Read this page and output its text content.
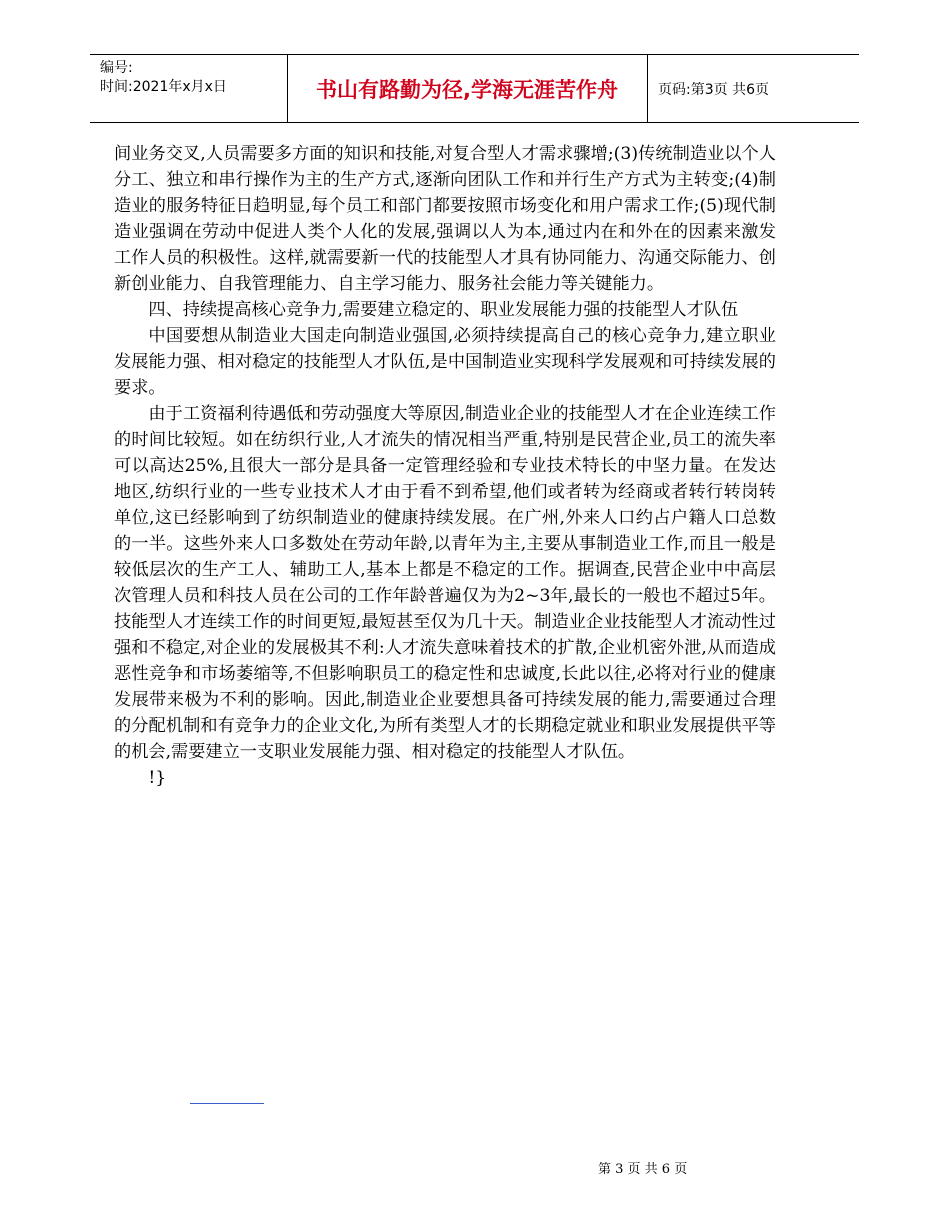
编号:
时间:2021年x月x日	书山有路勤为径,学海无涯苦作舟	页码:第3页 共6页

间业务交叉,人员需要多方面的知识和技能,对复合型人才需求骤增;(3)传统制造业以个人分工、独立和串行操作为主的生产方式,逐渐向团队工作和并行生产方式为主转变;(4)制造业的服务特征日趋明显,每个员工和部门都要按照市场变化和用户需求工作;(5)现代制造业强调在劳动中促进人类个人化的发展,强调以人为本,通过内在和外在的因素来激发工作人员的积极性。这样,就需要新一代的技能型人才具有协同能力、沟通交际能力、创新创业能力、自我管理能力、自主学习能力、服务社会能力等关键能力。

四、持续提高核心竞争力,需要建立稳定的、职业发展能力强的技能型人才队伍

中国要想从制造业大国走向制造业强国,必须持续提高自己的核心竞争力,建立职业发展能力强、相对稳定的技能型人才队伍,是中国制造业实现科学发展观和可持续发展的要求。

由于工资福利待遇低和劳动强度大等原因,制造业企业的技能型人才在企业连续工作的时间比较短。如在纺织行业,人才流失的情况相当严重,特别是民营企业,员工的流失率可以高达25%,且很大一部分是具备一定管理经验和专业技术特长的中坚力量。在发达地区,纺织行业的一些专业技术人才由于看不到希望,他们或者转为经商或者转行转岗转单位,这已经影响到了纺织制造业的健康持续发展。在广州,外来人口约占户籍人口总数的一半。这些外来人口多数处在劳动年龄,以青年为主,主要从事制造业工作,而且一般是较低层次的生产工人、辅助工人,基本上都是不稳定的工作。据调查,民营企业中中高层次管理人员和科技人员在公司的工作年龄普遍仅为为2~3年,最长的一般也不超过5年。技能型人才连续工作的时间更短,最短甚至仅为几十天。制造业企业技能型人才流动性过强和不稳定,对企业的发展极其不利:人才流失意味着技术的扩散,企业机密外泄,从而造成恶性竞争和市场萎缩等,不但影响职员工的稳定性和忠诚度,长此以往,必将对行业的健康发展带来极为不利的影响。因此,制造业企业要想具备可持续发展的能力,需要通过合理的分配机制和有竞争力的企业文化,为所有类型人才的长期稳定就业和职业发展提供平等的机会,需要建立一支职业发展能力强、相对稳定的技能型人才队伍。

!}

第 3 页 共 6 页
